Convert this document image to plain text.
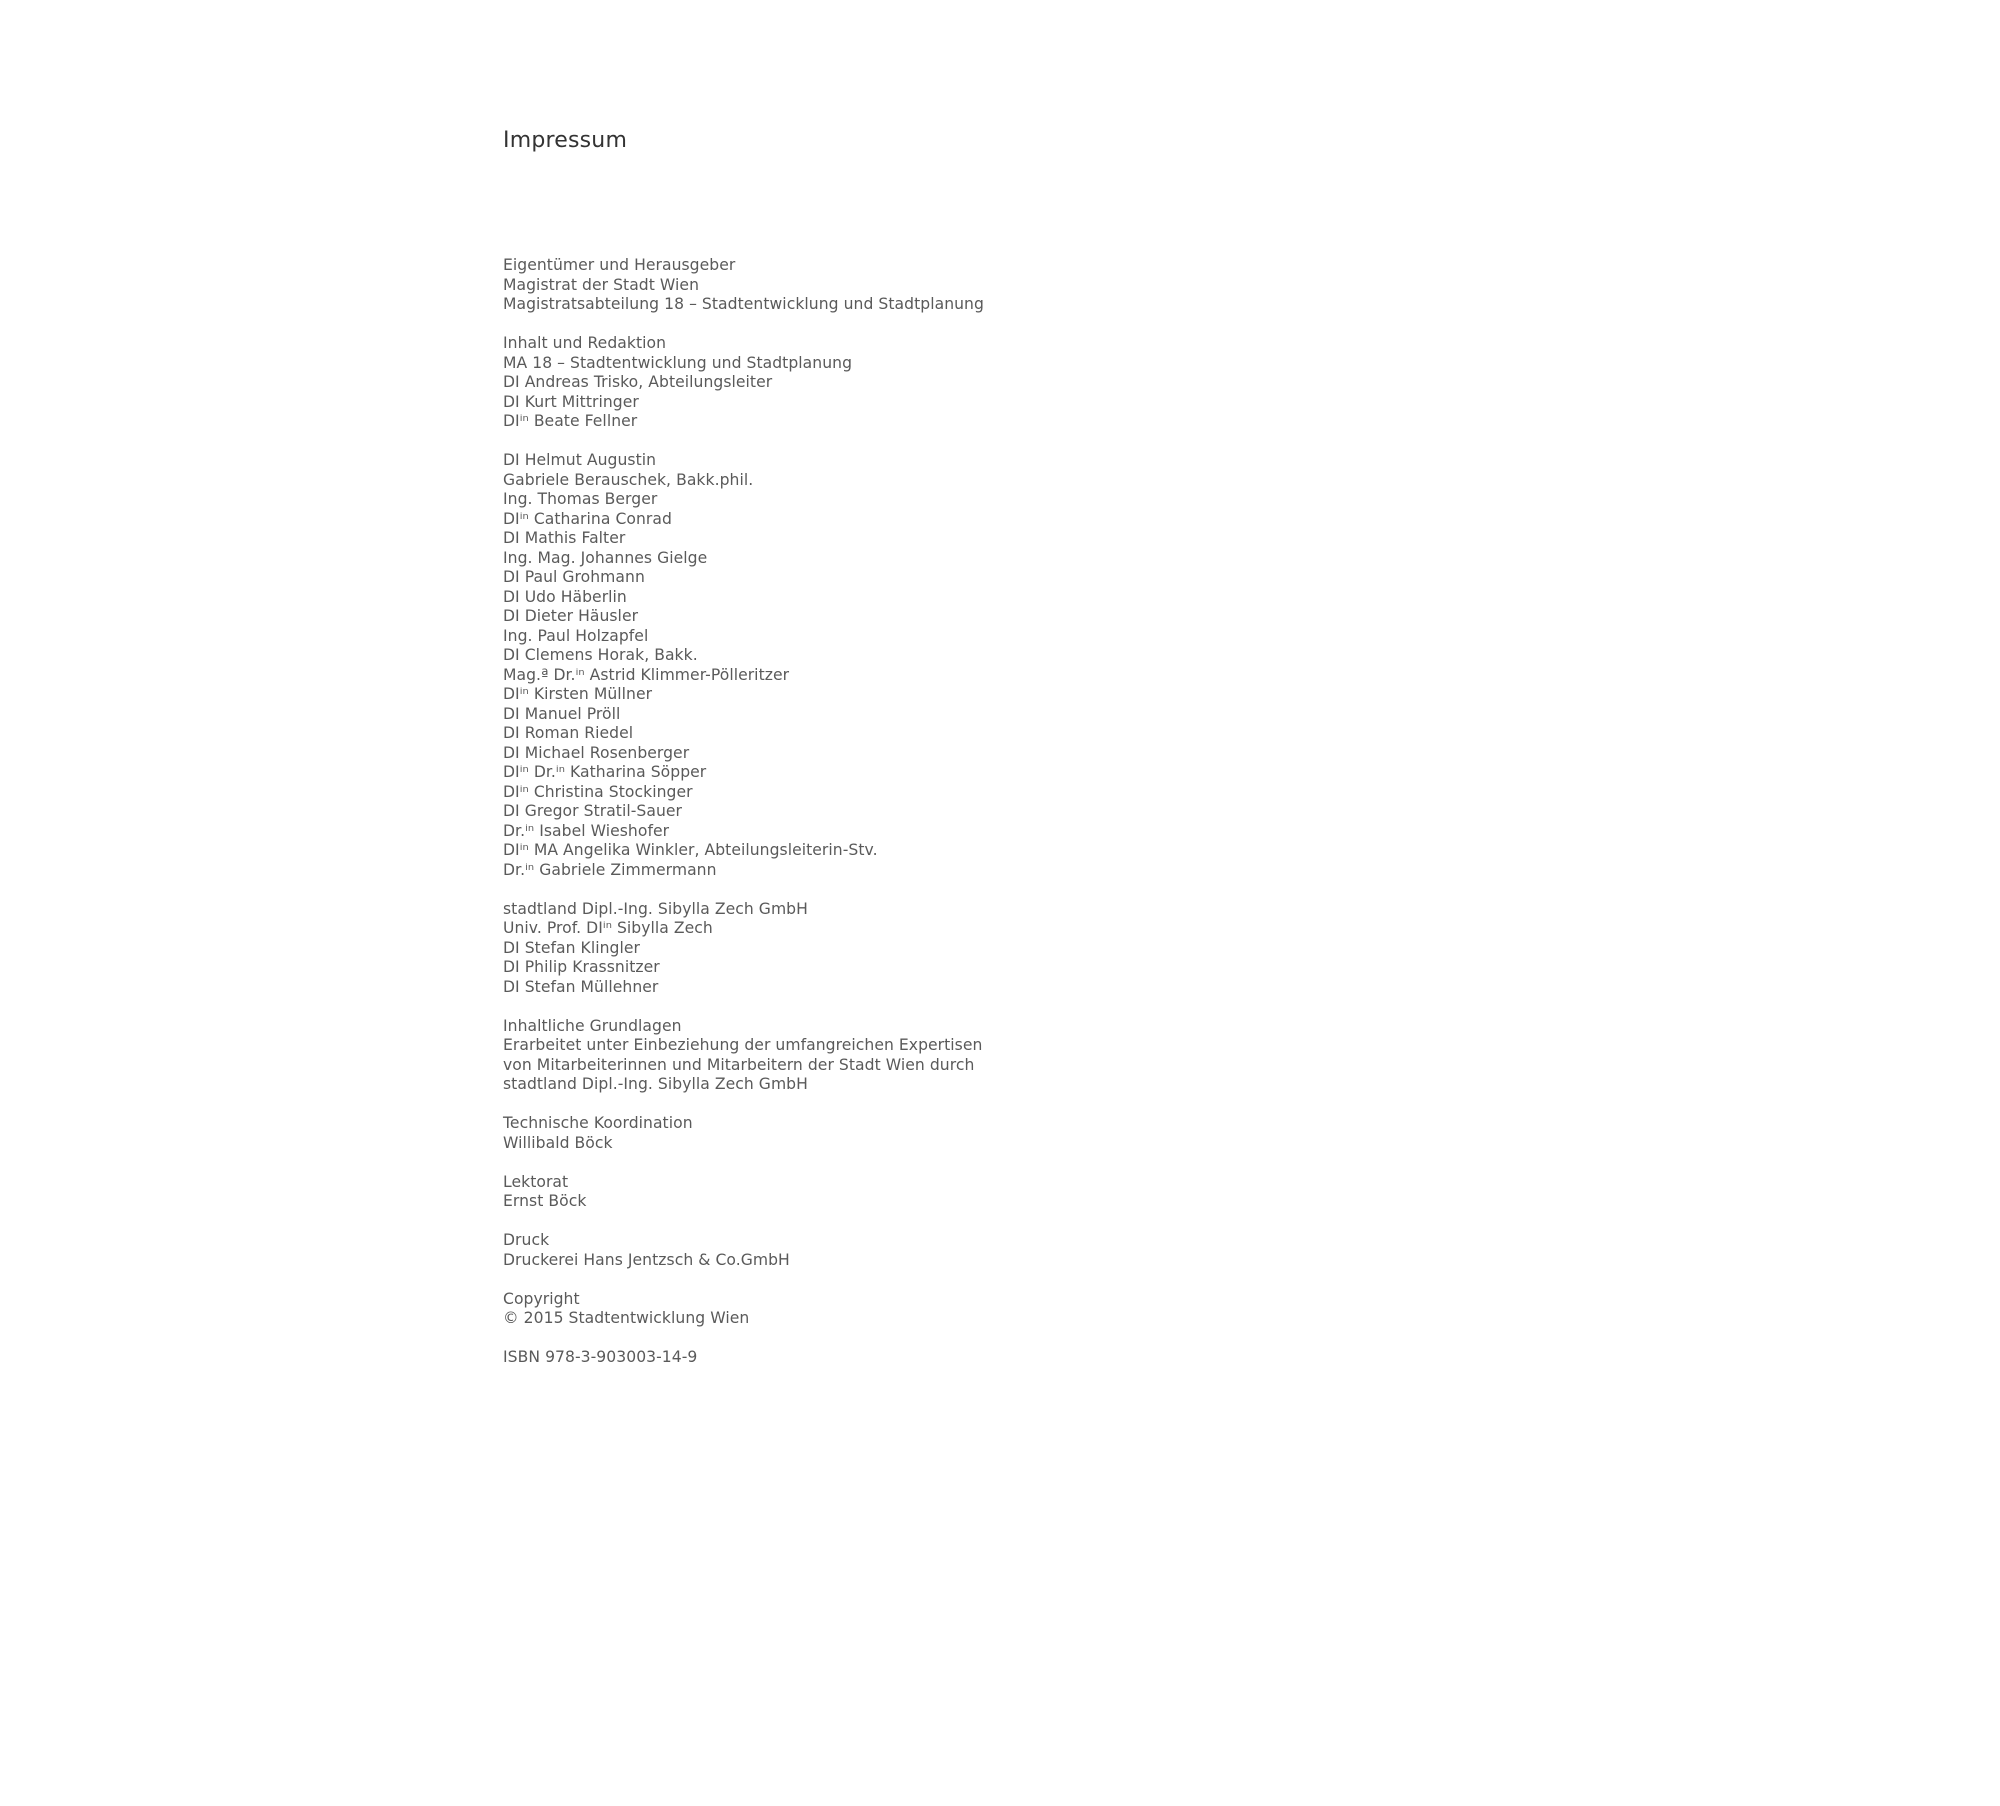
Impressum
Eigentümer und Herausgeber
Magistrat der Stadt Wien
Magistratsabteilung 18 – Stadtentwicklung und Stadtplanung
Inhalt und Redaktion
MA 18 – Stadtentwicklung und Stadtplanung
DI Andreas Trisko, Abteilungsleiter
DI Kurt Mittringer
DIⁱⁿ Beate Fellner
DI Helmut Augustin
Gabriele Berauschek, Bakk.phil.
Ing. Thomas Berger
DIⁱⁿ Catharina Conrad
DI Mathis Falter
Ing. Mag. Johannes Gielge
DI Paul Grohmann
DI Udo Häberlin
DI Dieter Häusler
Ing. Paul Holzapfel
DI Clemens Horak, Bakk.
Mag.ª Dr.ⁱⁿ Astrid Klimmer-Pölleritzer
DIⁱⁿ Kirsten Müllner
DI Manuel Pröll
DI Roman Riedel
DI Michael Rosenberger
DIⁱⁿ Dr.ⁱⁿ Katharina Söpper
DIⁱⁿ Christina Stockinger
DI Gregor Stratil-Sauer
Dr.ⁱⁿ Isabel Wieshofer
DIⁱⁿ MA Angelika Winkler, Abteilungsleiterin-Stv.
Dr.ⁱⁿ Gabriele Zimmermann
stadtland Dipl.-Ing. Sibylla Zech GmbH
Univ. Prof. DIⁱⁿ Sibylla Zech
DI Stefan Klingler
DI Philip Krassnitzer
DI Stefan Müllehner
Inhaltliche Grundlagen
Erarbeitet unter Einbeziehung der umfangreichen Expertisen
von Mitarbeiterinnen und Mitarbeitern der Stadt Wien durch
stadtland Dipl.-Ing. Sibylla Zech GmbH
Technische Koordination
Willibald Böck
Lektorat
Ernst Böck
Druck
Druckerei Hans Jentzsch & Co.GmbH
Copyright
© 2015 Stadtentwicklung Wien
ISBN 978-3-903003-14-9
